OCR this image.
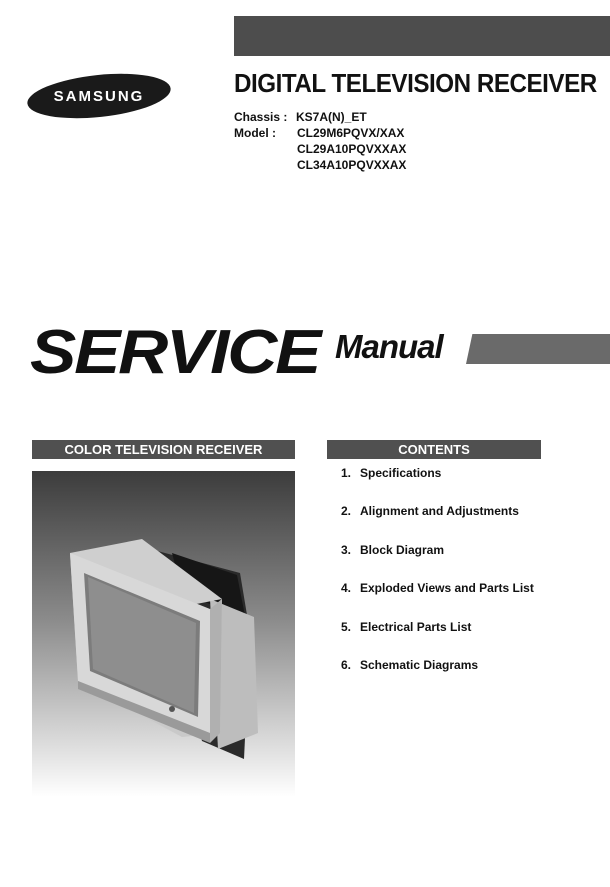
SAMSUNG	DIGITAL TELEVISION RECEIVER
Chassis : KS7A(N)_ET
Model :	CL29M6PQVX/XAX
CL29A10PQVXXAX
CL34A10PQVXXAX
SERVICE Manual
COLOR TELEVISION RECEIVER	CONTENTS
1. Specifications
2. Alignment and Adjustments
3. Block Diagram
4. Exploded Views and Parts List
5. Electrical Parts List
6. Schematic Diagrams
